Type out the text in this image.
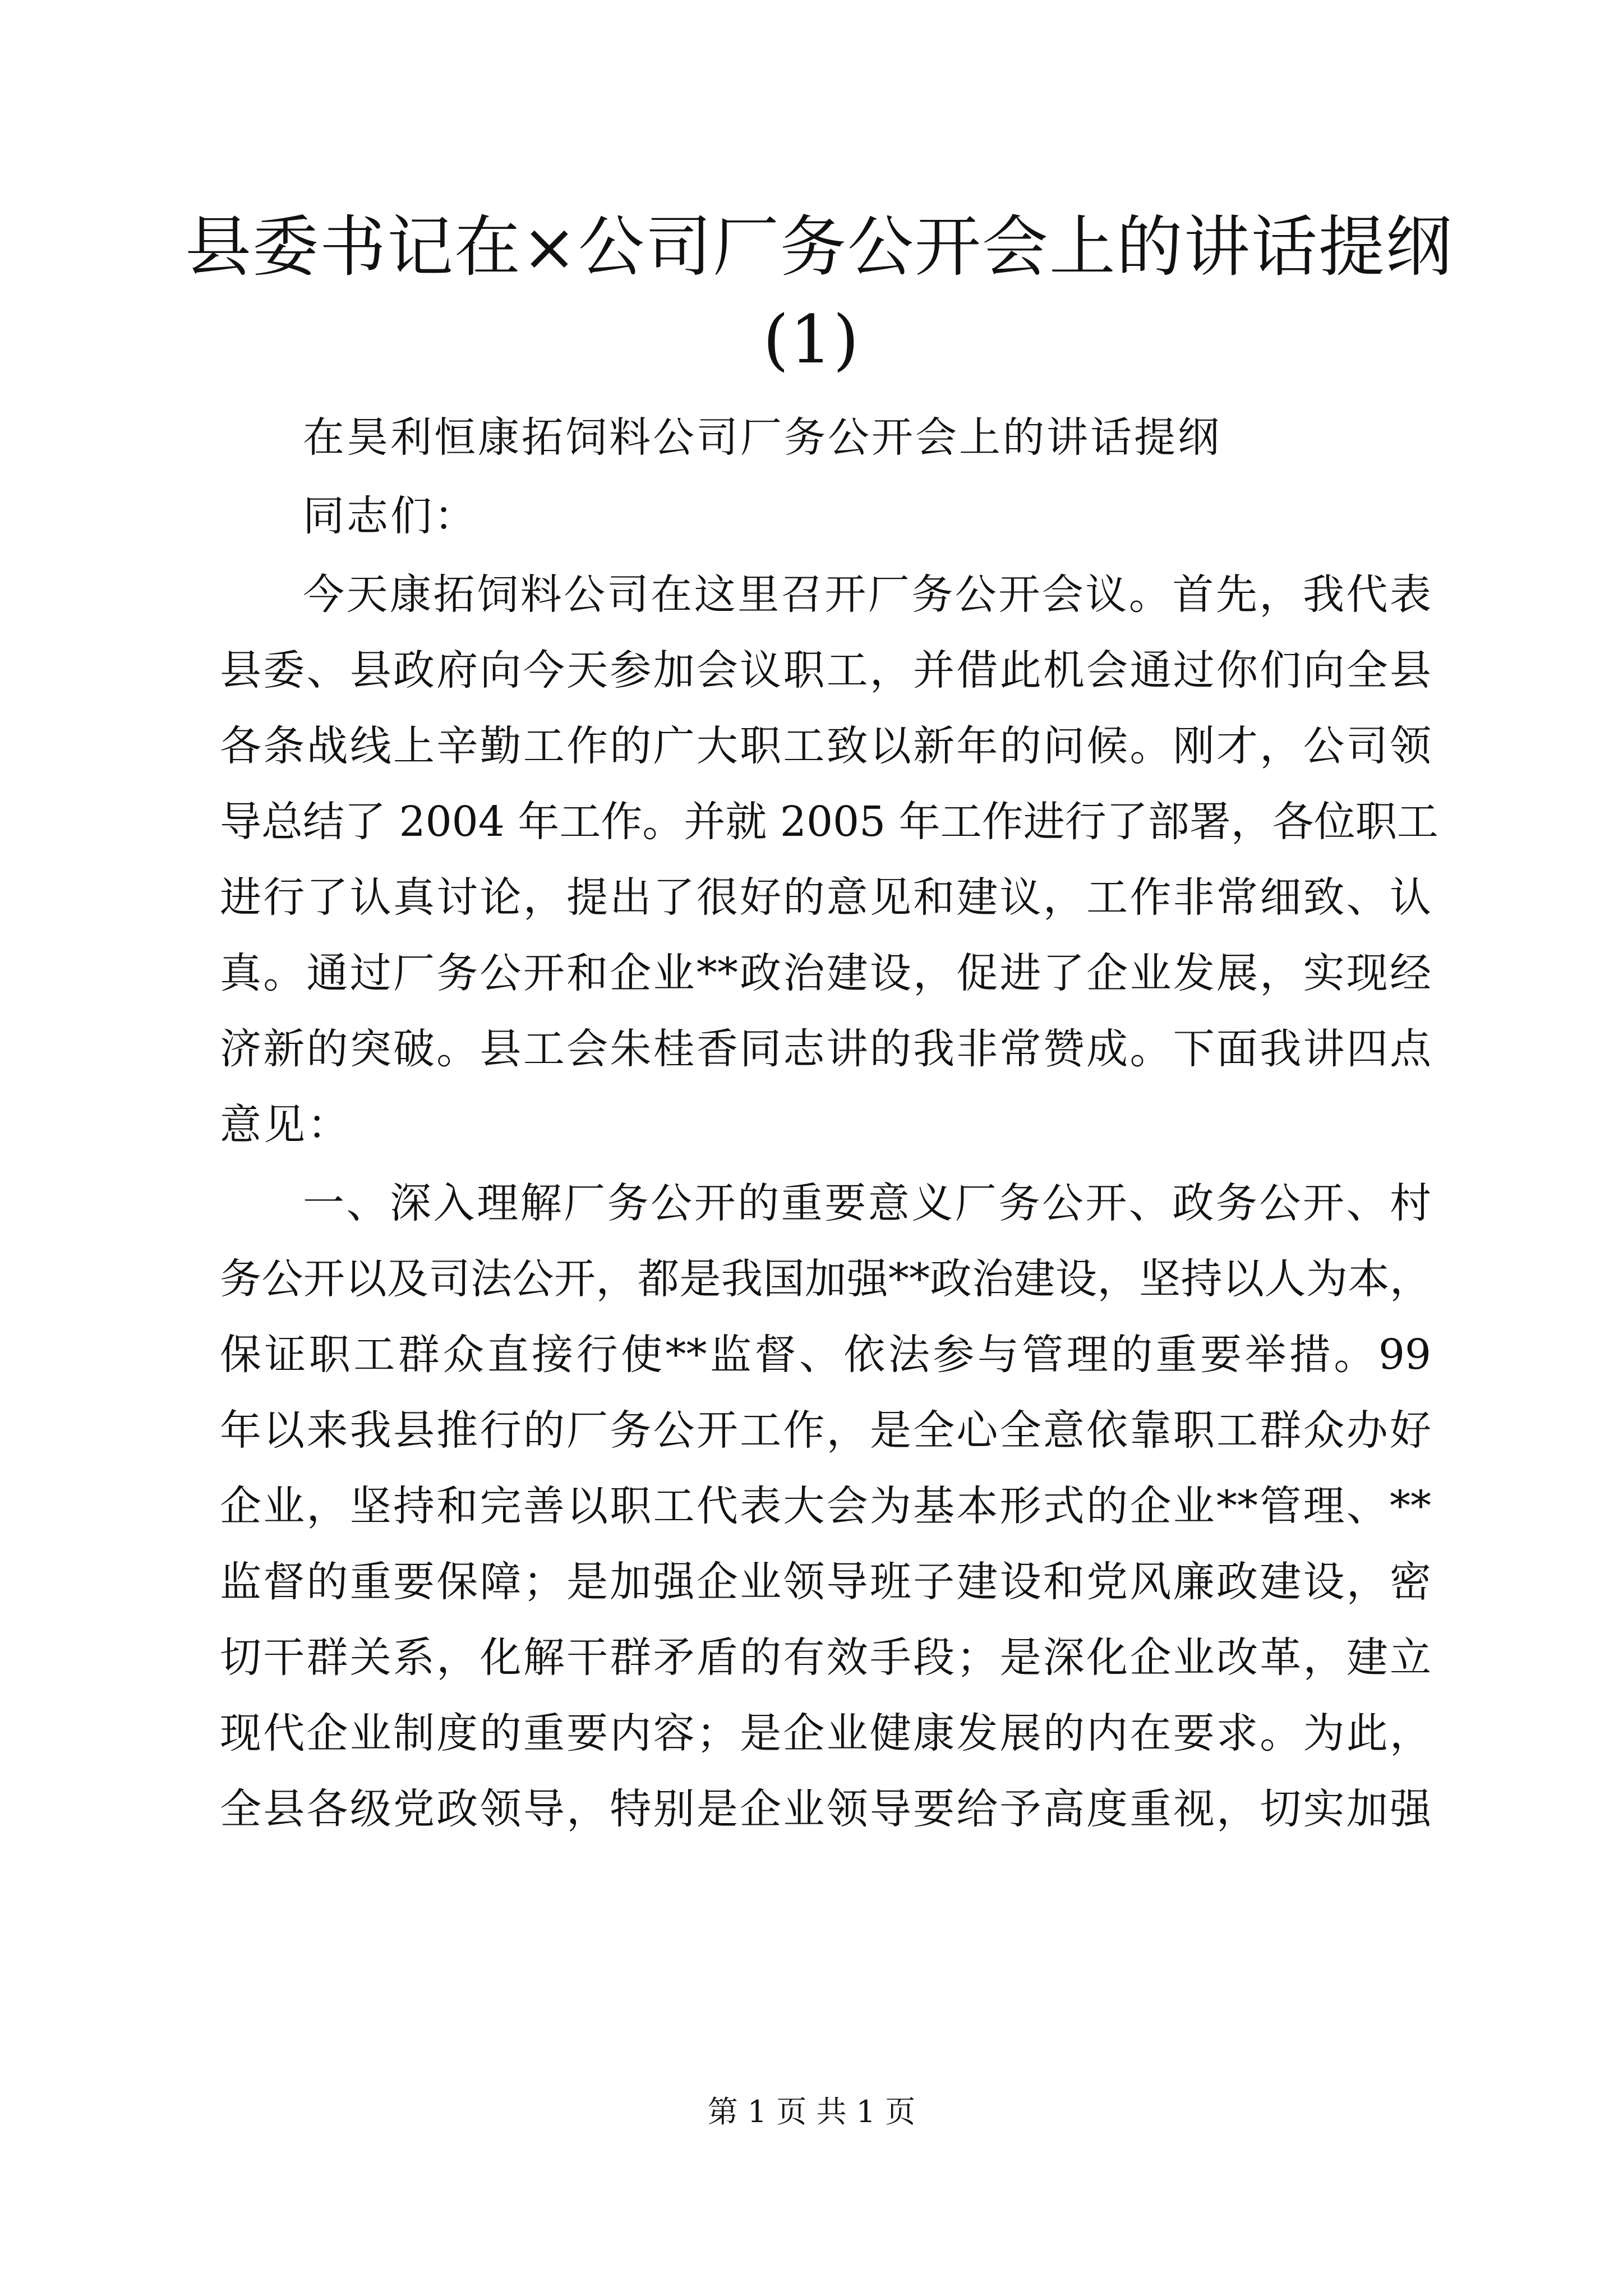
县委书记在×公司厂务公开会上的讲话提纲
(1)
在昊利恒康拓饲料公司厂务公开会上的讲话提纲
同志们：
今天康拓饲料公司在这里召开厂务公开会议。首先，我代表
县委、县政府向今天参加会议职工，并借此机会通过你们向全县
各条战线上辛勤工作的广大职工致以新年的问候。刚才，公司领
导总结了 2004 年工作。并就 2005 年工作进行了部署，各位职工
进行了认真讨论，提出了很好的意见和建议，工作非常细致、认
真。通过厂务公开和企业**政治建设，促进了企业发展，实现经
济新的突破。县工会朱桂香同志讲的我非常赞成。下面我讲四点
意见：
一、深入理解厂务公开的重要意义厂务公开、政务公开、村
务公开以及司法公开，都是我国加强**政治建设，坚持以人为本，
保证职工群众直接行使**监督、依法参与管理的重要举措。99
年以来我县推行的厂务公开工作，是全心全意依靠职工群众办好
企业，坚持和完善以职工代表大会为基本形式的企业**管理、**
监督的重要保障；是加强企业领导班子建设和党风廉政建设，密
切干群关系，化解干群矛盾的有效手段；是深化企业改革，建立
现代企业制度的重要内容；是企业健康发展的内在要求。为此，
全县各级党政领导，特别是企业领导要给予高度重视，切实加强
第 1 页 共 1 页
